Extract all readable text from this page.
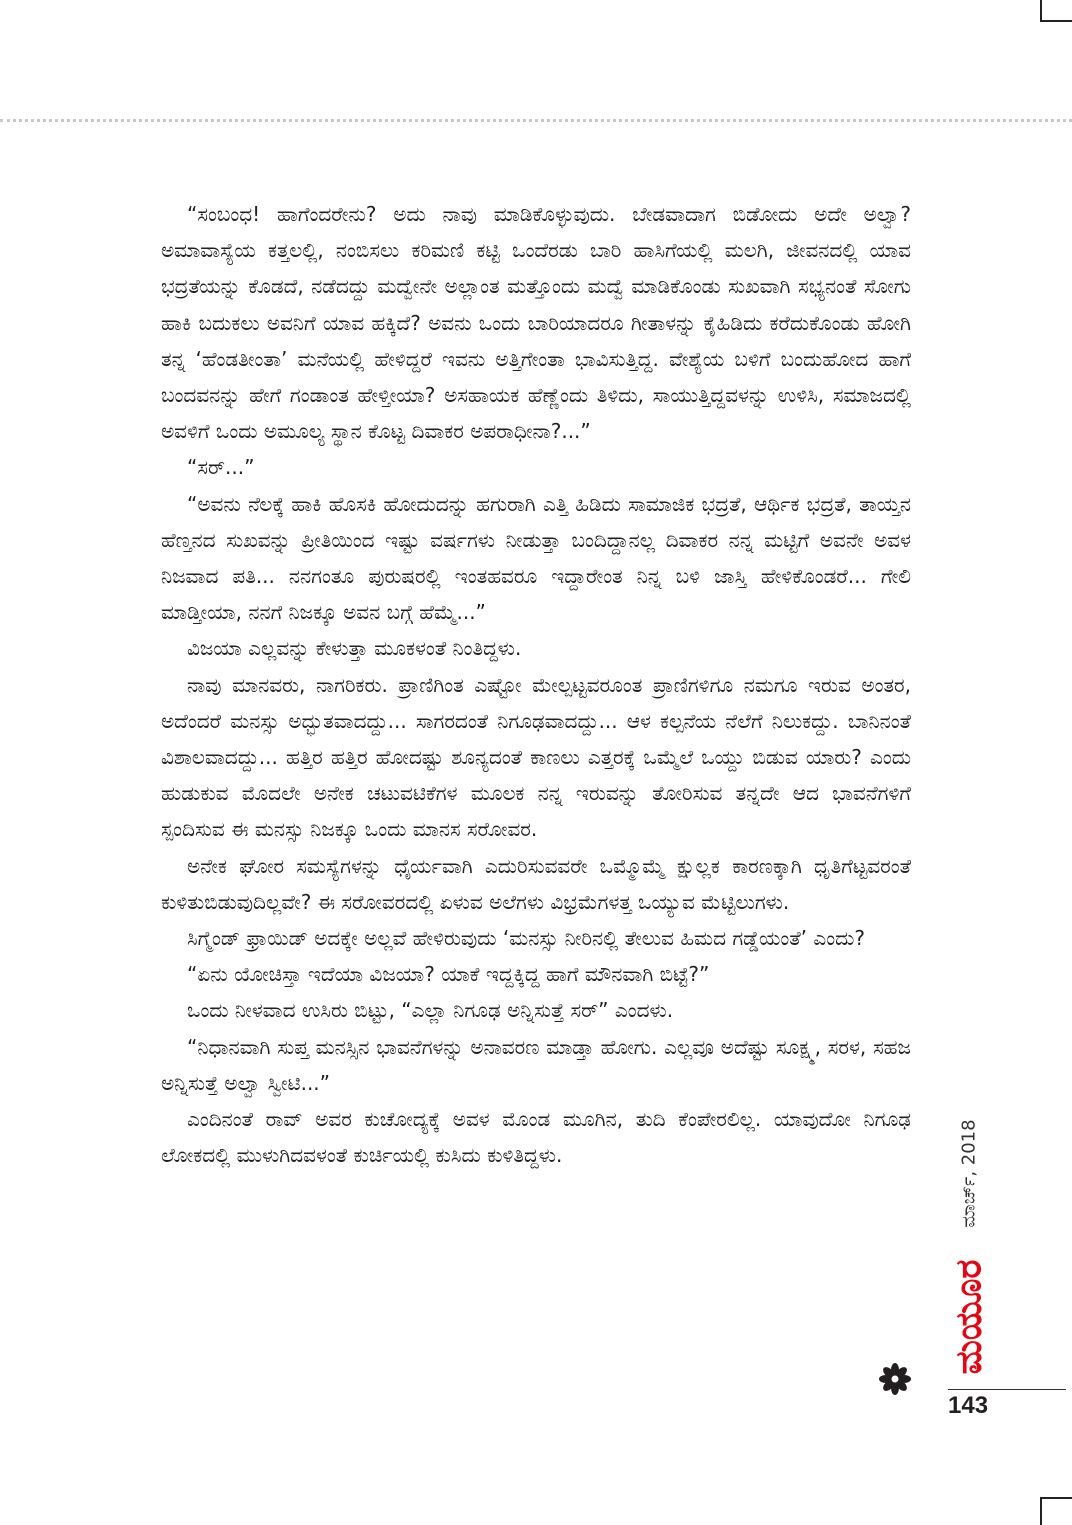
“ಸಂಬಂಧ! ಹಾಗೆಂದರೇನು? ಅದು ನಾವು ಮಾಡಿಕೊಳ್ಳುವುದು. ಬೇಡವಾದಾಗ ಬಿಡೋದು ಅದೇ ಅಲ್ವಾ? ಅಮಾವಾಸ್ಯೆಯ ಕತ್ತಲಲ್ಲಿ, ನಂಬಿಸಲು ಕರಿಮಣಿ ಕಟ್ಟಿ ಒಂದೆರಡು ಬಾರಿ ಹಾಸಿಗೆಯಲ್ಲಿ ಮಲಗಿ, ಜೀವನದಲ್ಲಿ ಯಾವ ಭದ್ರತೆಯನ್ನು ಕೊಡದೆ, ನಡೆದದ್ದು ಮದ್ವೇನೇ ಅಲ್ಲಾಂತ ಮತ್ತೊಂದು ಮದ್ವೆ ಮಾಡಿಕೊಂಡು ಸುಖವಾಗಿ ಸಭ್ಯನಂತೆ ಸೋಗು ಹಾಕಿ ಬದುಕಲು ಅವನಿಗೆ ಯಾವ ಹಕ್ಕಿದೆ? ಅವನು ಒಂದು ಬಾರಿಯಾದರೂ ಗೀತಾಳನ್ನು ಕೈಹಿಡಿದು ಕರೆದುಕೊಂಡು ಹೋಗಿ ತನ್ನ ‘ಹೆಂಡತೀಂತಾ’ ಮನೆಯಲ್ಲಿ ಹೇಳಿದ್ದರೆ ಇವನು ಅತ್ತಿಗೇಂತಾ ಭಾವಿಸುತ್ತಿದ್ದ. ವೇಶ್ಯೆಯ ಬಳಿಗೆ ಬಂದುಹೋದ ಹಾಗೆ ಬಂದವನನ್ನು ಹೇಗೆ ಗಂಡಾಂತ ಹೇಳ್ತೀಯಾ? ಅಸಹಾಯಕ ಹೆಣ್ಣೆಂದು ತಿಳಿದು, ಸಾಯುತ್ತಿದ್ದವಳನ್ನು ಉಳಿಸಿ, ಸಮಾಜದಲ್ಲಿ ಅವಳಿಗೆ ಒಂದು ಅಮೂಲ್ಯ ಸ್ಥಾನ ಕೊಟ್ಟ ದಿವಾಕರ ಅಪರಾಧೀನಾ?...”

“ಸರ್...”

“ಅವನು ನೆಲಕ್ಕೆ ಹಾಕಿ ಹೊಸಕಿ ಹೋದುದನ್ನು ಹಗುರಾಗಿ ಎತ್ತಿ ಹಿಡಿದು ಸಾಮಾಜಿಕ ಭದ್ರತೆ, ಆರ್ಥಿಕ ಭದ್ರತೆ, ತಾಯ್ತನ ಹೆಣ್ತನದ ಸುಖವನ್ನು ಪ್ರೀತಿಯಿಂದ ಇಷ್ಟು ವರ್ಷಗಳು ನೀಡುತ್ತಾ ಬಂದಿದ್ದಾನಲ್ಲ ದಿವಾಕರ ನನ್ನ ಮಟ್ಟಿಗೆ ಅವನೇ ಅವಳ ನಿಜವಾದ ಪತಿ... ನನಗಂತೂ ಪುರುಷರಲ್ಲಿ ಇಂತಹವರೂ ಇದ್ದಾರೇಂತ ನಿನ್ನ ಬಳಿ ಜಾಸ್ತಿ ಹೇಳಿಕೊಂಡರೆ... ಗೇಲಿ ಮಾಡ್ತೀಯಾ, ನನಗೆ ನಿಜಕ್ಕೂ ಅವನ ಬಗ್ಗೆ ಹೆಮ್ಮೆ...”

ವಿಜಯಾ ಎಲ್ಲವನ್ನು ಕೇಳುತ್ತಾ ಮೂಕಳಂತೆ ನಿಂತಿದ್ದಳು.

ನಾವು ಮಾನವರು, ನಾಗರಿಕರು. ಪ್ರಾಣಿಗಿಂತ ಎಷ್ಟೋ ಮೇಲ್ಪಟ್ಟವರೂಂತ ಪ್ರಾಣಿಗಳಿಗೂ ನಮಗೂ ಇರುವ ಅಂತರ, ಅದೆಂದರೆ ಮನಸ್ಸು ಅದ್ಭುತವಾದದ್ದು... ಸಾಗರದಂತೆ ನಿಗೂಢವಾದದ್ದು... ಆಳ ಕಲ್ಪನೆಯ ನೆಲೆಗೆ ನಿಲುಕದ್ದು. ಬಾನಿನಂತೆ ವಿಶಾಲವಾದದ್ದು... ಹತ್ತಿರ ಹತ್ತಿರ ಹೋದಷ್ಟು ಶೂನ್ಯದಂತೆ ಕಾಣಲು ಎತ್ತರಕ್ಕೆ ಒಮ್ಮೆಲೆ ಒಯ್ದು ಬಿಡುವ ಯಾರು? ಎಂದು ಹುಡುಕುವ ಮೊದಲೇ ಅನೇಕ ಚಟುವಟಿಕೆಗಳ ಮೂಲಕ ನನ್ನ ಇರುವನ್ನು ತೋರಿಸುವ ತನ್ನದೇ ಆದ ಭಾವನೆಗಳಿಗೆ ಸ್ಪಂದಿಸುವ ಈ ಮನಸ್ಸು ನಿಜಕ್ಕೂ ಒಂದು ಮಾನಸ ಸರೋವರ.

ಅನೇಕ ಘೋರ ಸಮಸ್ಯೆಗಳನ್ನು ಧೈರ್ಯವಾಗಿ ಎದುರಿಸುವವರೇ ಒಮ್ಮೊಮ್ಮೆ ಕ್ಷುಲ್ಲಕ ಕಾರಣಕ್ಕಾಗಿ ಧೃತಿಗೆಟ್ಟವರಂತೆ ಕುಳಿತುಬಿಡುವುದಿಲ್ಲವೇ? ಈ ಸರೋವರದಲ್ಲಿ ಏಳುವ ಅಲೆಗಳು ವಿಭ್ರಮೆಗಳತ್ತ ಒಯ್ಯುವ ಮೆಟ್ಟಿಲುಗಳು.

ಸಿಗ್ಮೆಂಡ್ ಫ್ರಾಯಿಡ್ ಅದಕ್ಕೇ ಅಲ್ಲವೆ ಹೇಳಿರುವುದು ‘ಮನಸ್ಸು ನೀರಿನಲ್ಲಿ ತೇಲುವ ಹಿಮದ ಗಡ್ಡೆಯಂತೆ’ ಎಂದು?

“ಏನು ಯೋಚಿಸ್ತಾ ಇದೆಯಾ ವಿಜಯಾ? ಯಾಕೆ ಇದ್ದಕ್ಕಿದ್ದ ಹಾಗೆ ಮೌನವಾಗಿ ಬಿಟ್ಟೆ?”

ಒಂದು ನೀಳವಾದ ಉಸಿರು ಬಿಟ್ಟು, “ಎಲ್ಲಾ ನಿಗೂಢ ಅನ್ನಿಸುತ್ತೆ ಸರ್” ಎಂದಳು.

“ನಿಧಾನವಾಗಿ ಸುಪ್ತ ಮನಸ್ಸಿನ ಭಾವನೆಗಳನ್ನು ಅನಾವರಣ ಮಾಡ್ತಾ ಹೋಗು. ಎಲ್ಲವೂ ಅದೆಷ್ಟು ಸೂಕ್ಷ್ಮ, ಸರಳ, ಸಹಜ ಅನ್ನಿಸುತ್ತೆ ಅಲ್ವಾ ಸ್ವೀಟಿ...”

ಎಂದಿನಂತೆ ರಾವ್ ಅವರ ಕುಚೋದ್ಯಕ್ಕೆ ಅವಳ ಮೊಂಡ ಮೂಗಿನ, ತುದಿ ಕೆಂಪೇರಲಿಲ್ಲ. ಯಾವುದೋ ನಿಗೂಢ ಲೋಕದಲ್ಲಿ ಮುಳುಗಿದವಳಂತೆ ಕುರ್ಚಿಯಲ್ಲಿ ಕುಸಿದು ಕುಳಿತಿದ್ದಳು.	ಮಾರ್ಚ್, 2018
ಮಯೂರ
143
